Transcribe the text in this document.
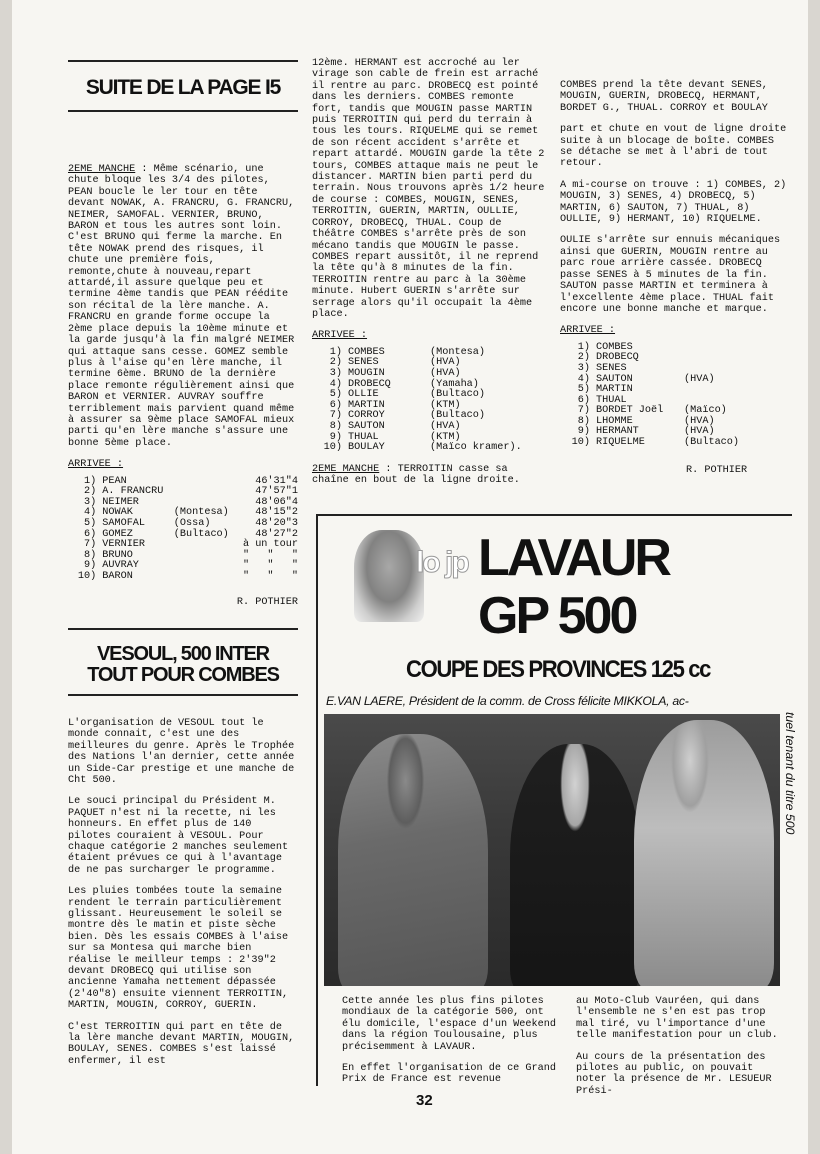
SUITE DE LA PAGE I5

2EME MANCHE : Même scénario, une chute bloque les 3/4 des pilotes, PEAN boucle le ler tour en tête devant NOWAK, A. FRANCRU, G. FRANCRU, NEIMER, SAMOFAL. VERNIER, BRUNO, BARON et tous les autres sont loin. C'est BRUNO qui ferme la marche. En tête NOWAK prend des risques, il chute une première fois, remonte,chute à nouveau,repart attardé,il assure quelque peu et termine 4ème tandis que PEAN réédite son récital de la lère manche. A. FRANCRU en grande forme occupe la 2ème place depuis la 10ème minute et la garde jusqu'à la fin malgré NEIMER qui attaque sans cesse. GOMEZ semble plus à l'aise qu'en lère manche, il termine 6ème. BRUNO de la dernière place remonte régulièrement ainsi que BARON et VERNIER. AUVRAY souffre terriblement mais parvient quand même à assurer sa 9ème place SAMOFAL mieux parti qu'en lère manche s'assure une bonne 5ème place.

ARRIVEE :
1) PEAN	46'31"4
2) A. FRANCRU	47'57"1
3) NEIMER	48'06"4
4) NOWAK	(Montesa)	48'15"2
5) SAMOFAL	(Ossa)	48'20"3
6) GOMEZ	(Bultaco)	48'27"2
7) VERNIER	à un tour
8) BRUNO	"   "   "
9) AUVRAY	"   "   "
10) BARON	"   "   "
R. POTHIER
VESOUL, 500 INTER
TOUT POUR COMBES

L'organisation de VESOUL tout le monde connait, c'est une des meilleures du genre. Après le Trophée des Nations l'an dernier, cette année un Side-Car prestige et une manche de Cht 500.

Le souci principal du Président M. PAQUET n'est ni la recette, ni les honneurs. En effet plus de 140 pilotes couraient à VESOUL. Pour chaque catégorie 2 manches seulement étaient prévues ce qui à l'avantage de ne pas surcharger le programme.

Les pluies tombées toute la semaine rendent le terrain particulièrement glissant. Heureusement le soleil se montre dès le matin et piste sèche bien. Dès les essais COMBES à l'aise sur sa Montesa qui marche bien réalise le meilleur temps : 2'39"2 devant DROBECQ qui utilise son ancienne Yamaha nettement dépassée (2'40"8) ensuite viennent TERROITIN, MARTIN, MOUGIN, CORROY, GUERIN.

C'est TERROITIN qui part en tête de la lère manche devant MARTIN, MOUGIN, BOULAY, SENES. COMBES s'est laissé enfermer, il est

12ème. HERMANT est accroché au ler virage son cable de frein est arraché il rentre au parc. DROBECQ est pointé dans les derniers. COMBES remonte fort, tandis que MOUGIN passe MARTIN puis TERROITIN qui perd du terrain à tous les tours. RIQUELME qui se remet de son récent accident s'arrête et repart attardé. MOUGIN garde la tête 2 tours, COMBES attaque mais ne peut le distancer. MARTIN bien parti perd du terrain. Nous trouvons après 1/2 heure de course : COMBES, MOUGIN, SENES, TERROITIN, GUERIN, MARTIN, OULLIE, CORROY, DROBECQ, THUAL. Coup de théâtre COMBES s'arrête près de son mécano tandis que MOUGIN le passe. COMBES repart aussitôt, il ne reprend la tête qu'à 8 minutes de la fin. TERROITIN rentre au parc à la 30ème minute. Hubert GUERIN s'arrête sur serrage alors qu'il occupait la 4ème place.

ARRIVEE :
1) COMBES	(Montesa)
2) SENES	(HVA)
3) MOUGIN	(HVA)
4) DROBECQ	(Yamaha)
5) OLLIE	(Bultaco)
6) MARTIN	(KTM)
7) CORROY	(Bultaco)
8) SAUTON	(HVA)
9) THUAL	(KTM)
10) BOULAY	(Maïco kramer).

2EME MANCHE : TERROITIN casse sa chaîne en bout de la ligne droite.

COMBES prend la tête devant SENES, MOUGIN, GUERIN, DROBECQ, HERMANT, BORDET G., THUAL. CORROY et BOULAY

part et chute en vout de ligne droite suite à un blocage de boîte. COMBES se détache se met à l'abri de tout retour.

A mi-course on trouve : 1) COMBES, 2) MOUGIN, 3) SENES, 4) DROBECQ, 5) MARTIN, 6) SAUTON, 7) THUAL, 8) OULLIE, 9) HERMANT, 10) RIQUELME.

OULIE s'arrête sur ennuis mécaniques ainsi que GUERIN, MOUGIN rentre au parc roue arrière cassée. DROBECQ passe SENES à 5 minutes de la fin. SAUTON passe MARTIN et terminera à l'excellente 4ème place. THUAL fait encore une bonne manche et marque.

ARRIVEE :
1) COMBES
2) DROBECQ
3) SENES
4) SAUTON	(HVA)
5) MARTIN
6) THUAL
7) BORDET Joël	(Maïco)
8) LHOMME	(HVA)
9) HERMANT	(HVA)
10) RIQUELME	(Bultaco)
R. POTHIER
lo jp LAVAUR
GP 500
COUPE DES PROVINCES 125 cc
E.VAN LAERE, Président de la comm. de Cross félicite MIKKOLA, ac-
tuel tenant du titre 500

Cette année les plus fins pilotes mondiaux de la catégorie 500, ont élu domicile, l'espace d'un Weekend dans la région Toulousaine, plus précisemment à LAVAUR.

En effet l'organisation de ce Grand Prix de France est revenue

au Moto-Club Vauréen, qui dans l'ensemble ne s'en est pas trop mal tiré, vu l'importance d'une telle manifestation pour un club.

Au cours de la présentation des pilotes au public, on pouvait noter la présence de Mr. LESUEUR Prési-

32
